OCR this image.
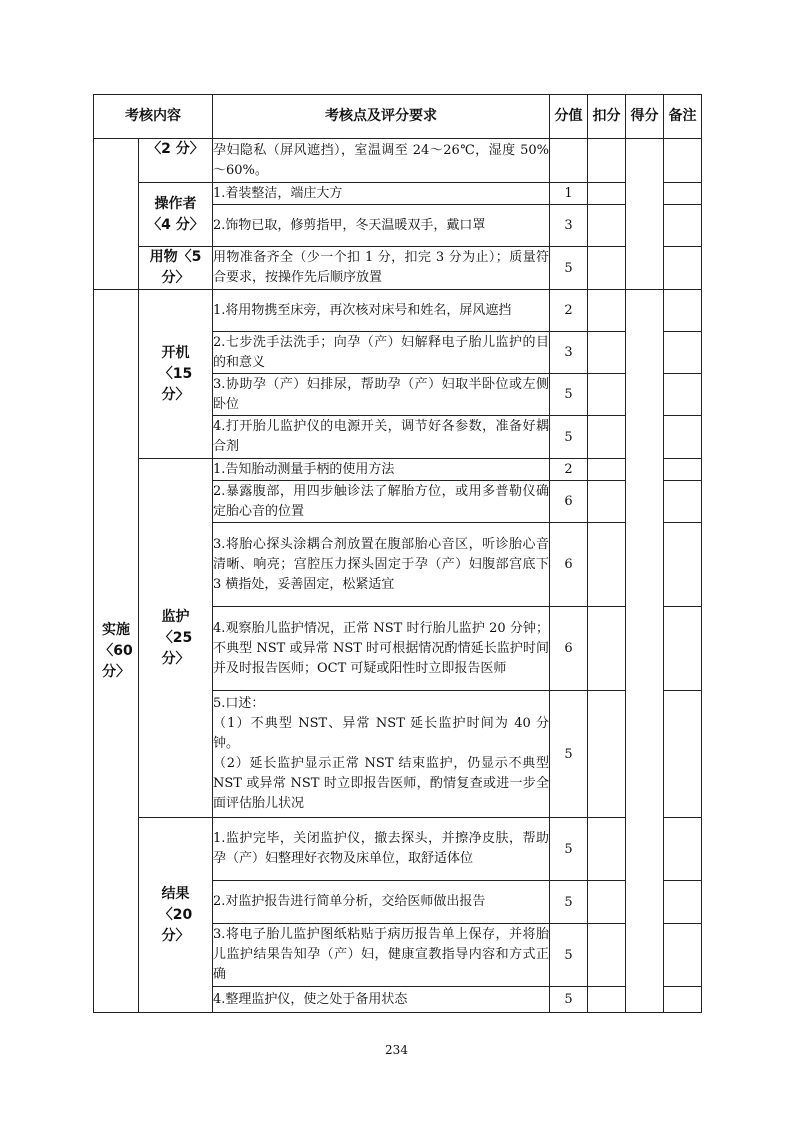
考核内容		考核点及评分要求	分值	扣分	得分	备注
	〈2 分〉	孕妇隐私（屏风遮挡），室温调至 24～26℃，湿度 50%～60%。				
	操作者〈4 分〉	1.着装整洁，端庄大方	1			
		2.饰物已取，修剪指甲，冬天温暖双手，戴口罩	3			
	用物〈5 分〉	用物准备齐全（少一个扣 1 分，扣完 3 分为止）；质量符合要求，按操作先后顺序放置	5			
实施〈60 分〉	开机〈15 分〉	1.将用物携至床旁，再次核对床号和姓名，屏风遮挡	2			
		2.七步洗手法洗手；向孕（产）妇解释电子胎儿监护的目的和意义	3			
		3.协助孕（产）妇排尿，帮助孕（产）妇取半卧位或左侧卧位	5			
		4.打开胎儿监护仪的电源开关，调节好各参数，准备好耦合剂	5			
	监护〈25 分〉	1.告知胎动测量手柄的使用方法	2			
		2.暴露腹部，用四步触诊法了解胎方位，或用多普勒仪确定胎心音的位置	6			
		3.将胎心探头涂耦合剂放置在腹部胎心音区，听诊胎心音清晰、响亮；宫腔压力探头固定于孕（产）妇腹部宫底下 3 横指处，妥善固定，松紧适宜	6			
		4.观察胎儿监护情况，正常 NST 时行胎儿监护 20 分钟；不典型 NST 或异常 NST 时可根据情况酌情延长监护时间并及时报告医师；OCT 可疑或阳性时立即报告医师	6			

		5.口述：
（1）不典型 NST、异常 NST 延长监护时间为 40 分钟。
（2）延长监护显示正常 NST 结束监护，仍显示不典型 NST 或异常 NST 时立即报告医师，酌情复查或进一步全面评估胎儿状况	5			
	结果〈20 分〉	1.监护完毕，关闭监护仪，撤去探头，并擦净皮肤，帮助孕（产）妇整理好衣物及床单位，取舒适体位	5			
		2.对监护报告进行简单分析，交给医师做出报告	5			
		3.将电子胎儿监护图纸粘贴于病历报告单上保存，并将胎儿监护结果告知孕（产）妇，健康宣教指导内容和方式正确	5			
		4.整理监护仪，使之处于备用状态	5			
234
